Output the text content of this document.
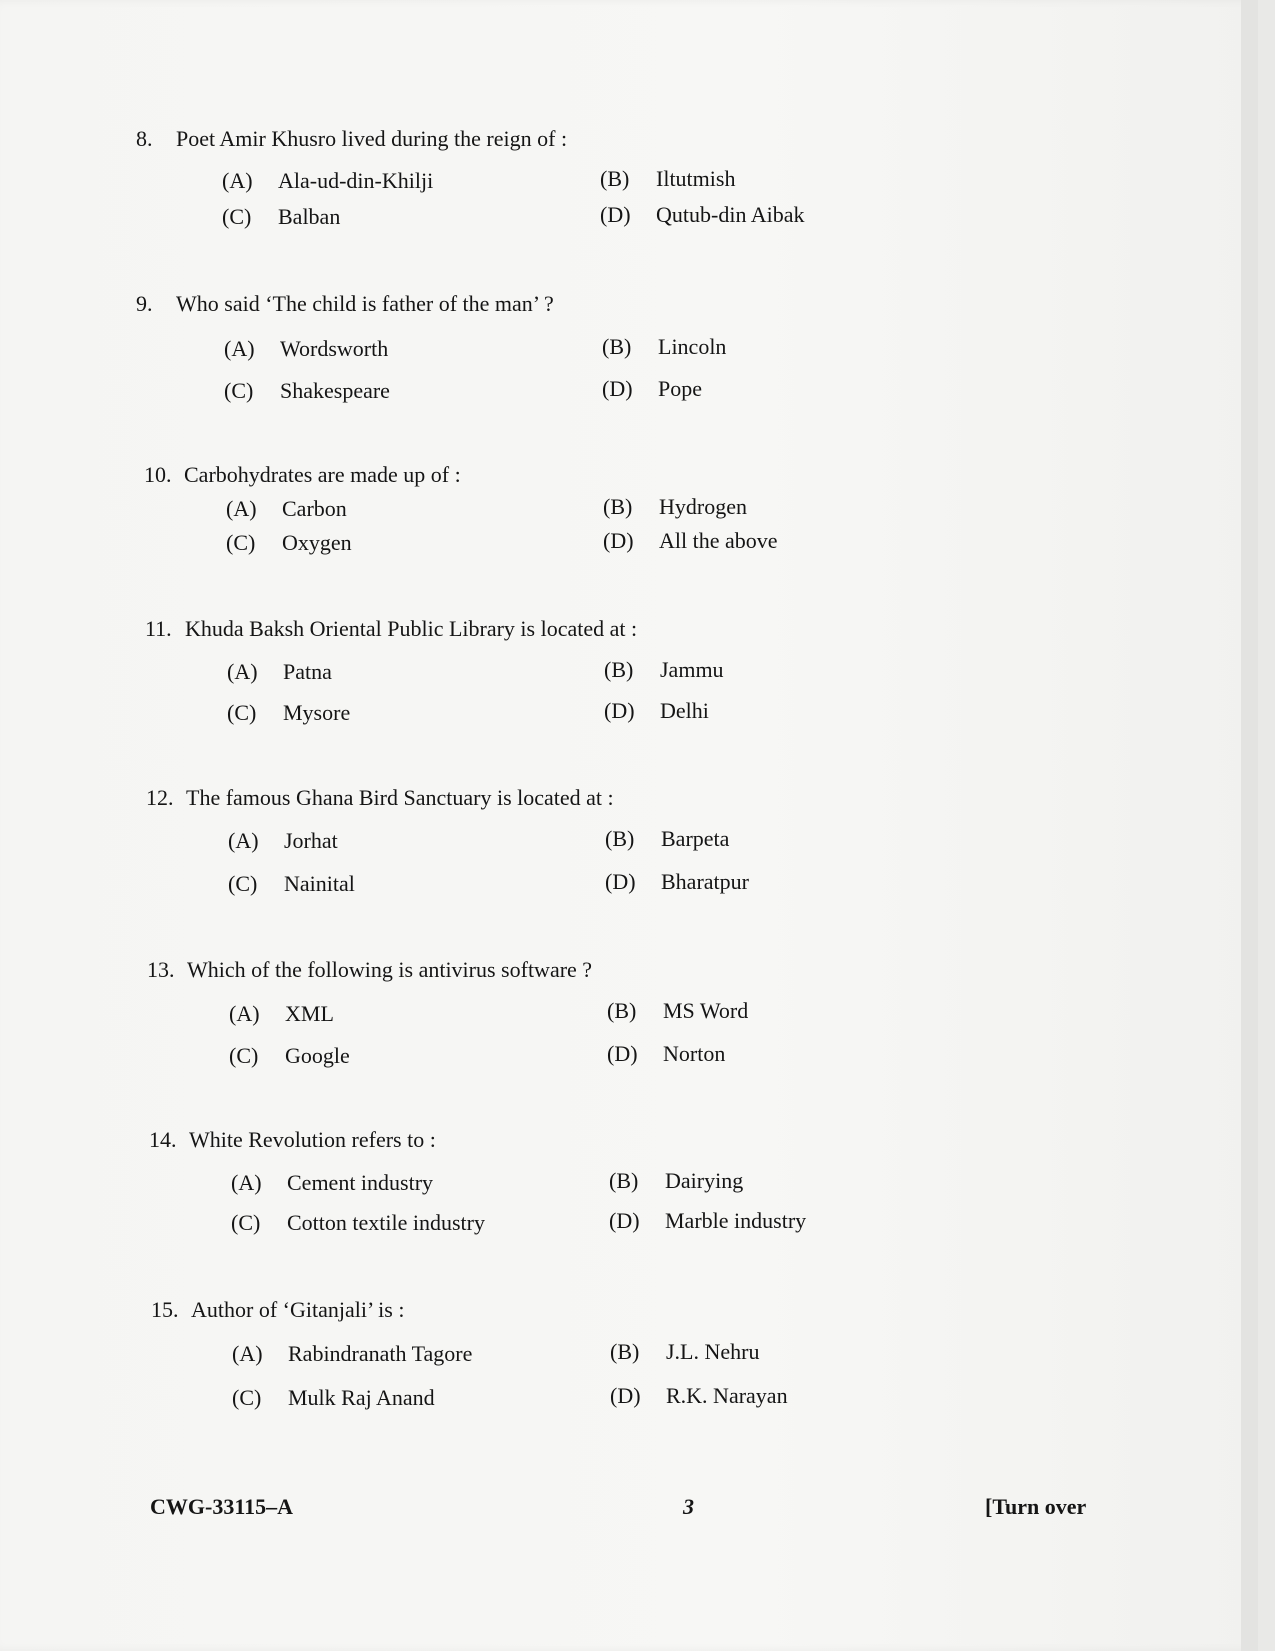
8. Poet Amir Khusro lived during the reign of :
(A) Ala-ud-din-Khilji	(B) Iltutmish
(C) Balban	(D) Qutub-din Aibak
9. Who said ‘The child is father of the man’ ?
(A) Wordsworth	(B) Lincoln
(C) Shakespeare	(D) Pope
10. Carbohydrates are made up of :
(A) Carbon	(B) Hydrogen
(C) Oxygen	(D) All the above
11. Khuda Baksh Oriental Public Library is located at :
(A) Patna	(B) Jammu
(C) Mysore	(D) Delhi
12. The famous Ghana Bird Sanctuary is located at :
(A) Jorhat	(B) Barpeta
(C) Nainital	(D) Bharatpur
13. Which of the following is antivirus software ?
(A) XML	(B) MS Word
(C) Google	(D) Norton
14. White Revolution refers to :
(A) Cement industry	(B) Dairying
(C) Cotton textile industry	(D) Marble industry
15. Author of ‘Gitanjali’ is :
(A) Rabindranath Tagore	(B) J.L. Nehru
(C) Mulk Raj Anand	(D) R.K. Narayan
CWG-33115–A	3	[Turn over
